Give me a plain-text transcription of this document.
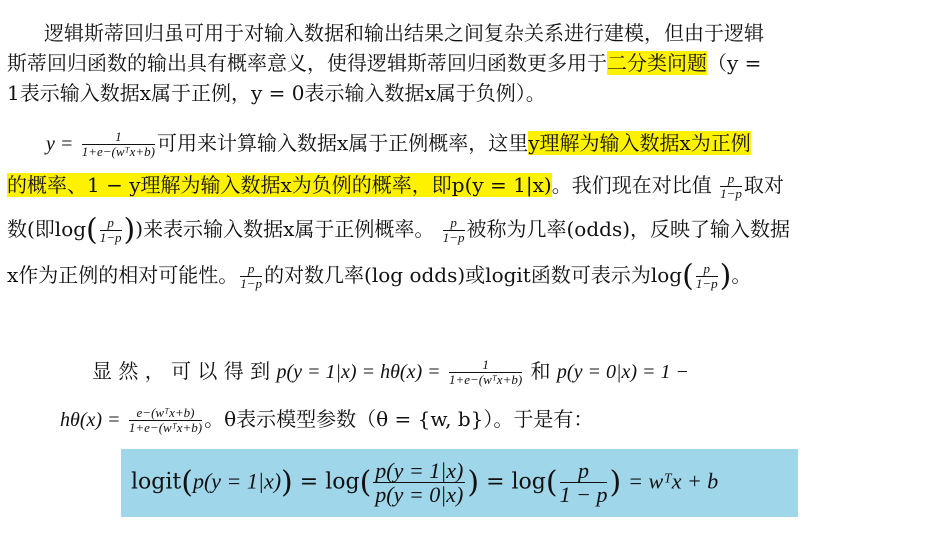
逻辑斯蒂回归虽可用于对输入数据和输出结果之间复杂关系进行建模，但由于逻辑
斯蒂回归函数的输出具有概率意义，使得逻辑斯蒂回归函数更多用于二分类问题（y =
1表示输入数据x属于正例，y = 0表示输入数据x属于负例）。
$y = \frac{1}{\text{1+e−(wᵀx+b)}}$ 可用来计算输入数据x属于正例概率，这里y理解为输入数据x为正例
的概率、1 − y理解为输入数据x为负例的概率，即p(y = 1|x)。我们现在对比值 $\frac{p}{1-p}$ 取对
数(即$\log( \frac{p}{1-p}$ ))来表示输入数据x属于正例概率。 $\frac{p}{1-p}$ 被称为几率(odds)，反映了输入数据
x作为正例的相对可能性。 $\frac{p}{1-p}$ 的对数几率(log odds)或logit函数可表示为$\log( \frac{p}{1-p}$ )。
显 然 ， 可 以 得 到 $p(y = 1|x) = h\theta(x) = \frac{1}{\text{1+e−(wᵀx+b)}}$ 和 p(y = 0|x) = 1 −
$h\theta(x) = \frac{\text{e−(wᵀx+b)}}{\text{1+e−(wᵀx+b)}}$ 。θ表示模型参数（θ = {w, b}）。于是有：
logit(p(y = $1|x)) = \log( \frac{p(y = 1|x)}{p(y = 0|x)}$ ) = $\log( \frac{p}{1 - p}$ ) = wᵀx + b
